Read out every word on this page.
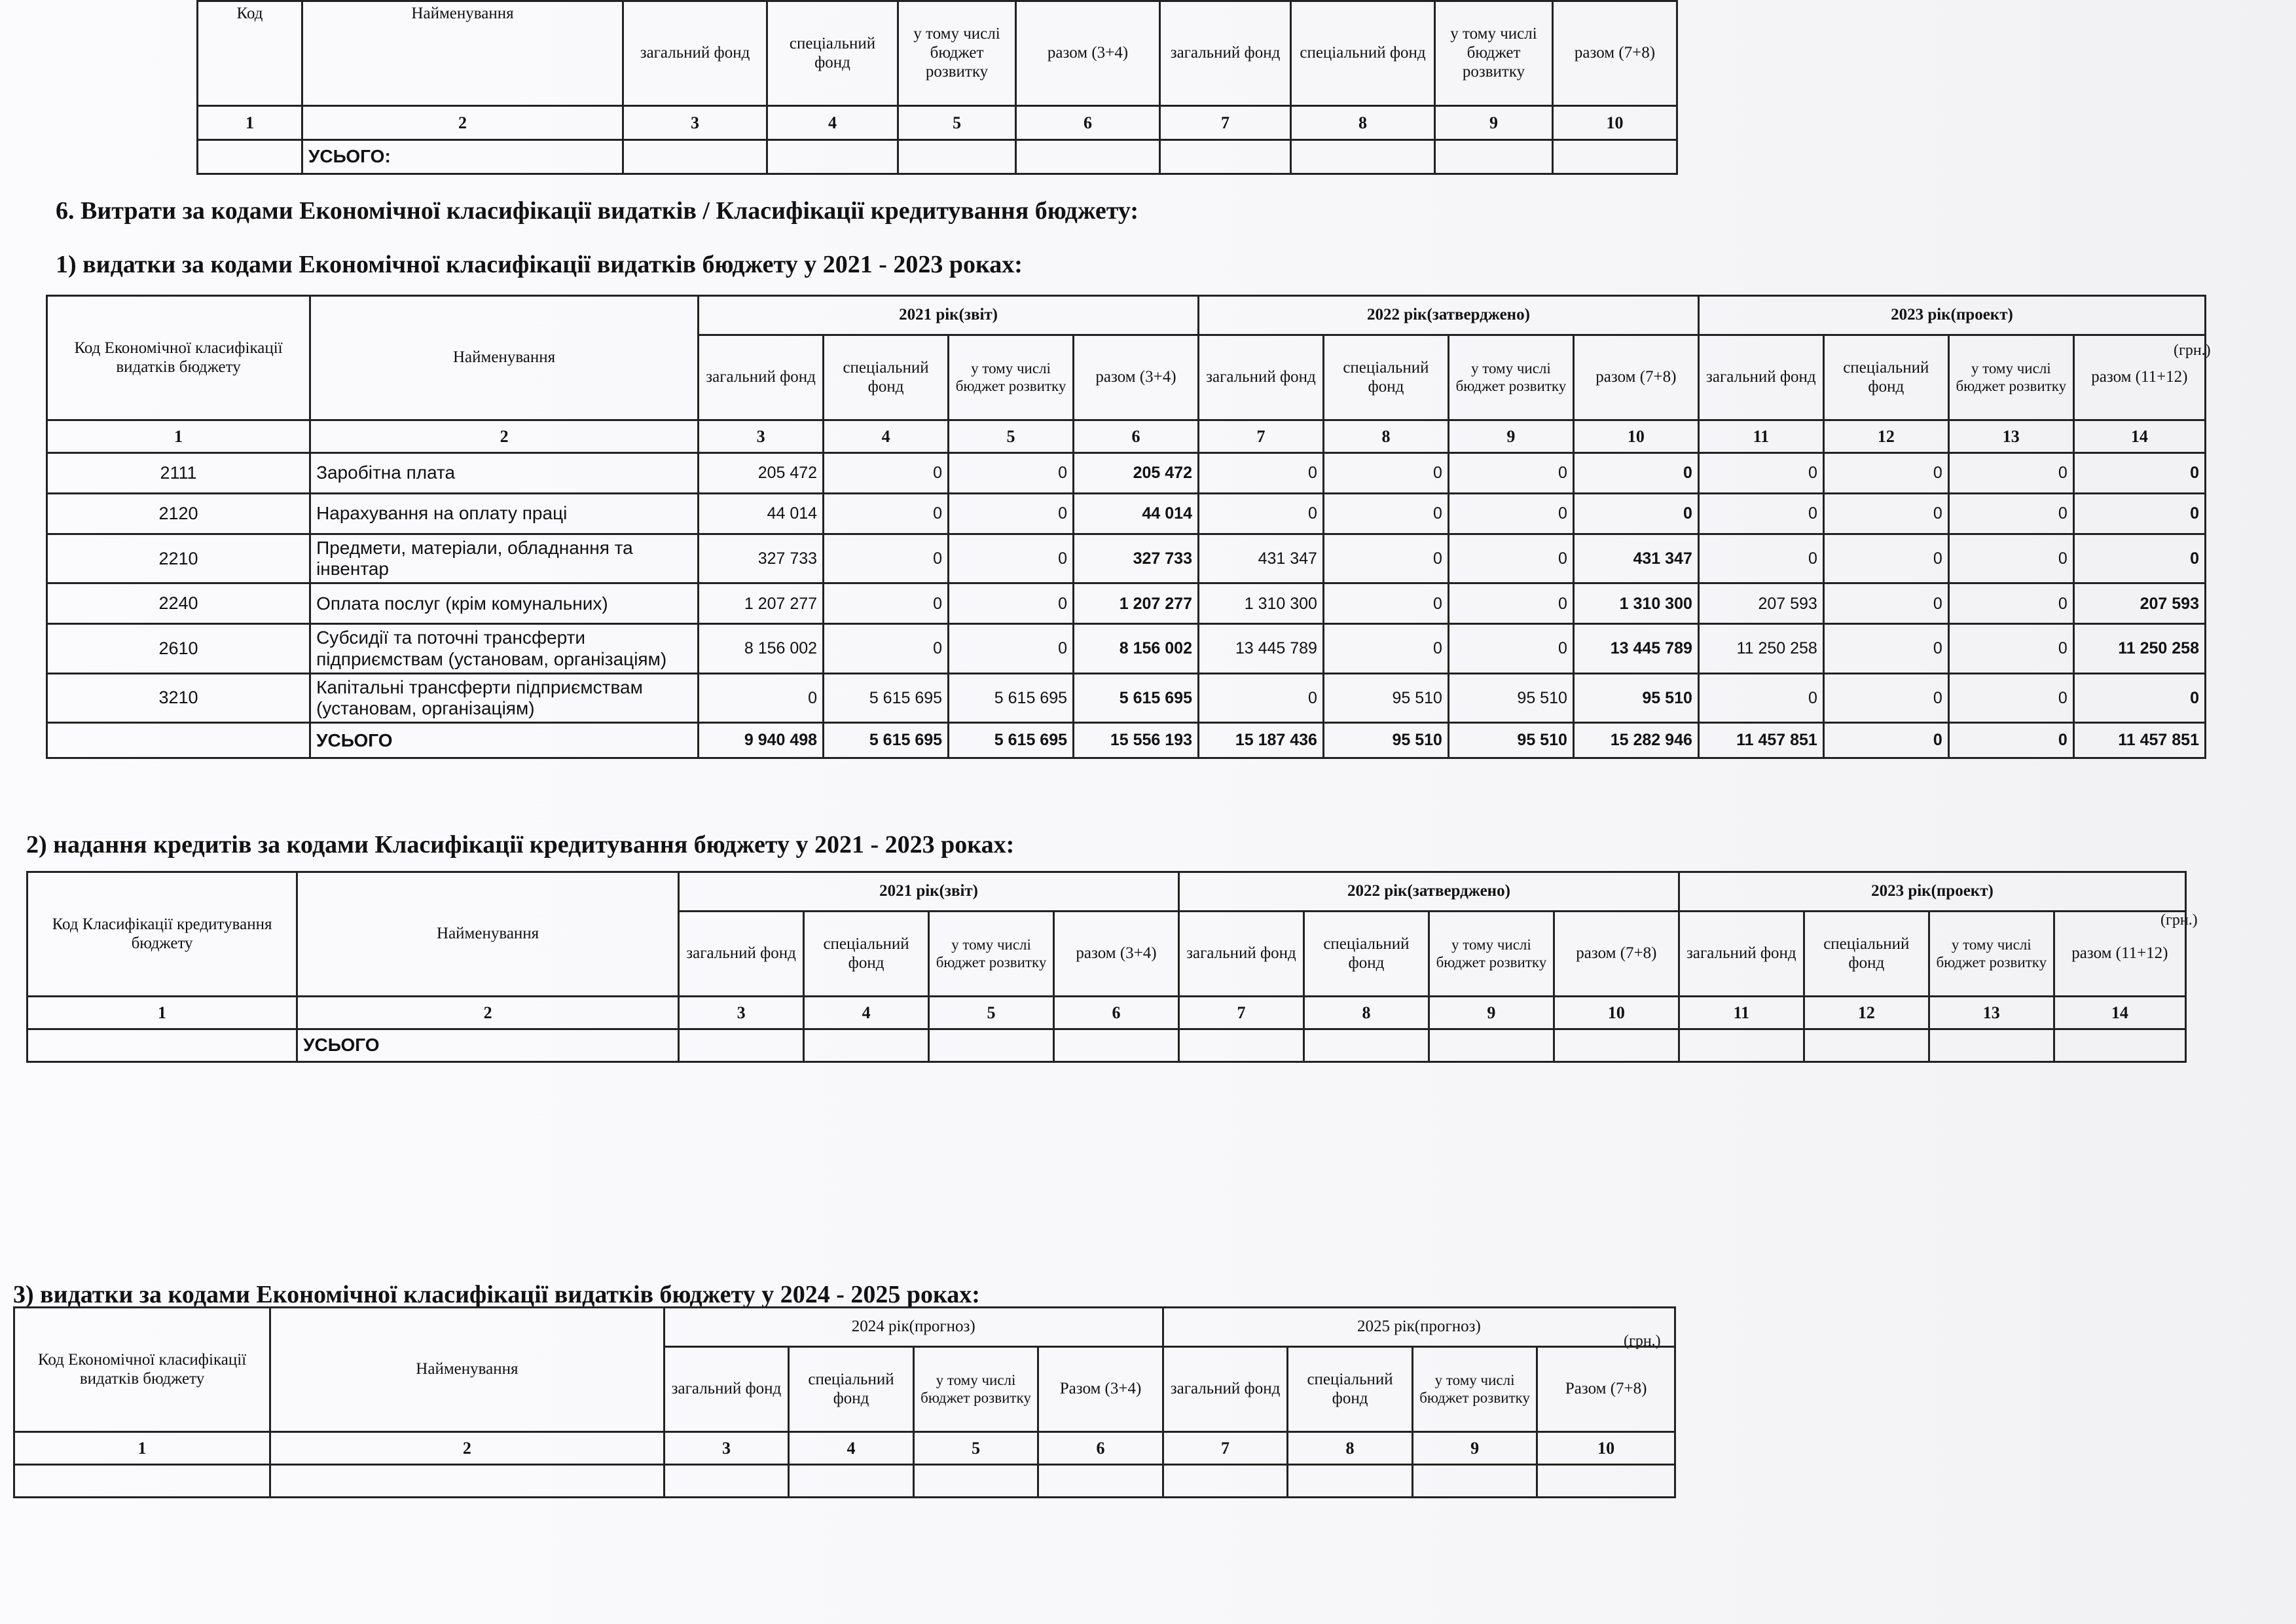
Код	Найменування	загальний фонд	спеціальний фонд	у тому числі бюджет розвитку	разом (3+4)	загальний фонд	спеціальний фонд	у тому числі бюджет розвитку	разом (7+8)
1	2	3	4	5	6	7	8	9	10
	УСЬОГО:								
6. Витрати за кодами Економічної класифікації видатків / Класифікації кредитування бюджету:
1) видатки за кодами Економічної класифікації видатків бюджету у 2021 - 2023 роках:
(грн.)
Код Економічної класифікації видатків бюджету	Найменування	2021 рік(звіт)				2022 рік(затверджено)				2023 рік(проект)			
		загальний фонд	спеціальний фонд	у тому числі бюджет розвитку	разом (3+4)	загальний фонд	спеціальний фонд	у тому числі бюджет розвитку	разом (7+8)	загальний фонд	спеціальний фонд	у тому числі бюджет розвитку	разом (11+12)
1	2	3	4	5	6	7	8	9	10	11	12	13	14
2111	Заробітна плата	205 472	0	0	205 472	0	0	0	0	0	0	0	0
2120	Нарахування на оплату праці	44 014	0	0	44 014	0	0	0	0	0	0	0	0
2210	Предмети, матеріали, обладнання та інвентар	327 733	0	0	327 733	431 347	0	0	431 347	0	0	0	0
2240	Оплата послуг (крім комунальних)	1 207 277	0	0	1 207 277	1 310 300	0	0	1 310 300	207 593	0	0	207 593
2610	Субсидії та поточні трансферти підприємствам (установам, організаціям)	8 156 002	0	0	8 156 002	13 445 789	0	0	13 445 789	11 250 258	0	0	11 250 258
3210	Капітальні трансферти підприємствам (установам, організаціям)	0	5 615 695	5 615 695	5 615 695	0	95 510	95 510	95 510	0	0	0	0
	УСЬОГО	9 940 498	5 615 695	5 615 695	15 556 193	15 187 436	95 510	95 510	15 282 946	11 457 851	0	0	11 457 851
2) надання кредитів за кодами Класифікації кредитування бюджету у 2021 - 2023 роках:
(грн.)
Код Класифікації кредитування бюджету	Найменування	2021 рік(звіт)				2022 рік(затверджено)				2023 рік(проект)			
		загальний фонд	спеціальний фонд	у тому числі бюджет розвитку	разом (3+4)	загальний фонд	спеціальний фонд	у тому числі бюджет розвитку	разом (7+8)	загальний фонд	спеціальний фонд	у тому числі бюджет розвитку	разом (11+12)
1	2	3	4	5	6	7	8	9	10	11	12	13	14
	УСЬОГО												
3) видатки за кодами Економічної класифікації видатків бюджету у 2024 - 2025 роках:
(грн.)
Код Економічної класифікації видатків бюджету	Найменування	2024 рік(прогноз)				2025 рік(прогноз)			
		загальний фонд	спеціальний фонд	у тому числі бюджет розвитку	Разом (3+4)	загальний фонд	спеціальний фонд	у тому числі бюджет розвитку	Разом (7+8)
1	2	3	4	5	6	7	8	9	10
